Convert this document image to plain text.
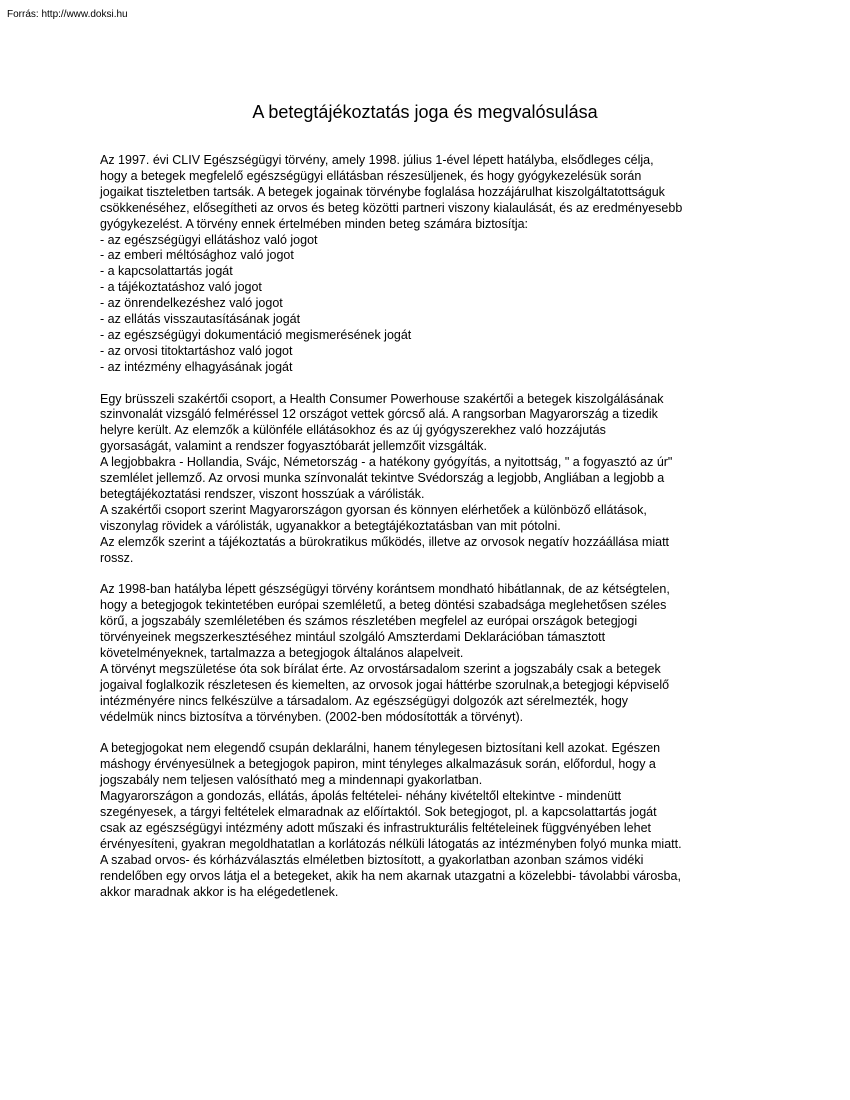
Forrás: http://www.doksi.hu
A betegtájékoztatás joga és megvalósulása
Az 1997. évi CLIV Egészségügyi törvény, amely 1998. július 1-ével lépett hatályba, elsődleges célja,
hogy a betegek megfelelő egészségügyi ellátásban részesüljenek, és hogy gyógykezelésük során
jogaikat tiszteletben tartsák. A betegek jogainak törvénybe foglalása hozzájárulhat kiszolgáltatottságuk
csökkenéséhez, elősegítheti az orvos és beteg közötti partneri viszony kialaulását, és az eredményesebb
gyógykezelést. A törvény ennek értelmében minden beteg számára biztosítja:
- az egészségügyi ellátáshoz való jogot
- az emberi méltósághoz való jogot
- a kapcsolattartás jogát
- a tájékoztatáshoz való jogot
- az önrendelkezéshez való jogot
- az ellátás visszautasításának jogát
- az egészségügyi dokumentáció megismerésének jogát
- az orvosi titoktartáshoz való jogot
- az intézmény elhagyásának jogát
Egy brüsszeli szakértői csoport, a Health Consumer Powerhouse szakértői a betegek kiszolgálásának
szinvonalát vizsgáló felméréssel 12 országot vettek górcső alá. A rangsorban Magyarország a tizedik
helyre került. Az elemzők a különféle ellátásokhoz és az új gyógyszerekhez való hozzájutás
gyorsaságát, valamint a rendszer fogyasztóbarát jellemzőit vizsgálták.
A legjobbakra - Hollandia, Svájc, Németország - a hatékony gyógyítás, a nyitottság, " a fogyasztó az úr"
szemlélet jellemző. Az orvosi munka színvonalát tekintve Svédország a legjobb, Angliában a legjobb a
betegtájékoztatási rendszer, viszont hosszúak a várólisták.
A szakértői csoport szerint Magyarországon gyorsan és könnyen elérhetőek a különböző ellátások,
viszonylag rövidek a várólisták, ugyanakkor a betegtájékoztatásban van mit pótolni.
Az elemzők szerint a tájékoztatás a bürokratikus működés, illetve az orvosok negatív hozzáállása miatt
rossz.
Az 1998-ban hatályba lépett gészségügyi törvény korántsem mondható hibátlannak, de az kétségtelen,
hogy a betegjogok tekintetében európai szemléletű, a beteg döntési szabadsága meglehetősen széles
körű, a jogszabály szemléletében és számos részletében megfelel az európai országok betegjogi
törvényeinek megszerkesztéséhez mintául szolgáló Amszterdami Deklarációban támasztott
követelményeknek, tartalmazza a betegjogok általános alapelveit.
A törvényt megszületése óta sok bírálat érte. Az orvostársadalom szerint a jogszabály csak a betegek
jogaival foglalkozik részletesen és kiemelten, az orvosok jogai háttérbe szorulnak,a betegjogi képviselő
intézményére nincs felkészülve a társadalom. Az egészségügyi dolgozók azt sérelmezték, hogy
védelmük nincs biztosítva a törvényben. (2002-ben módosították a törvényt).
A betegjogokat nem elegendő csupán deklarálni, hanem ténylegesen biztosítani kell azokat. Egészen
máshogy érvényesülnek a betegjogok papiron, mint tényleges alkalmazásuk során, előfordul, hogy a
jogszabály nem teljesen valósítható meg a mindennapi gyakorlatban.
Magyarországon a gondozás, ellátás, ápolás feltételei- néhány kivételtől eltekintve - mindenütt
szegényesek, a tárgyi feltételek elmaradnak az előírtaktól. Sok betegjogot, pl. a kapcsolattartás jogát
csak az egészségügyi intézmény adott műszaki és infrastrukturális feltételeinek függvényében lehet
érvényesíteni, gyakran megoldhatatlan a korlátozás nélküli látogatás az intézményben folyó munka miatt.
A szabad orvos- és kórházválasztás elméletben biztosított, a gyakorlatban azonban számos vidéki
rendelőben egy orvos látja el a betegeket, akik ha nem akarnak utazgatni a közelebbi- távolabbi városba,
akkor maradnak akkor is ha elégedetlenek.
